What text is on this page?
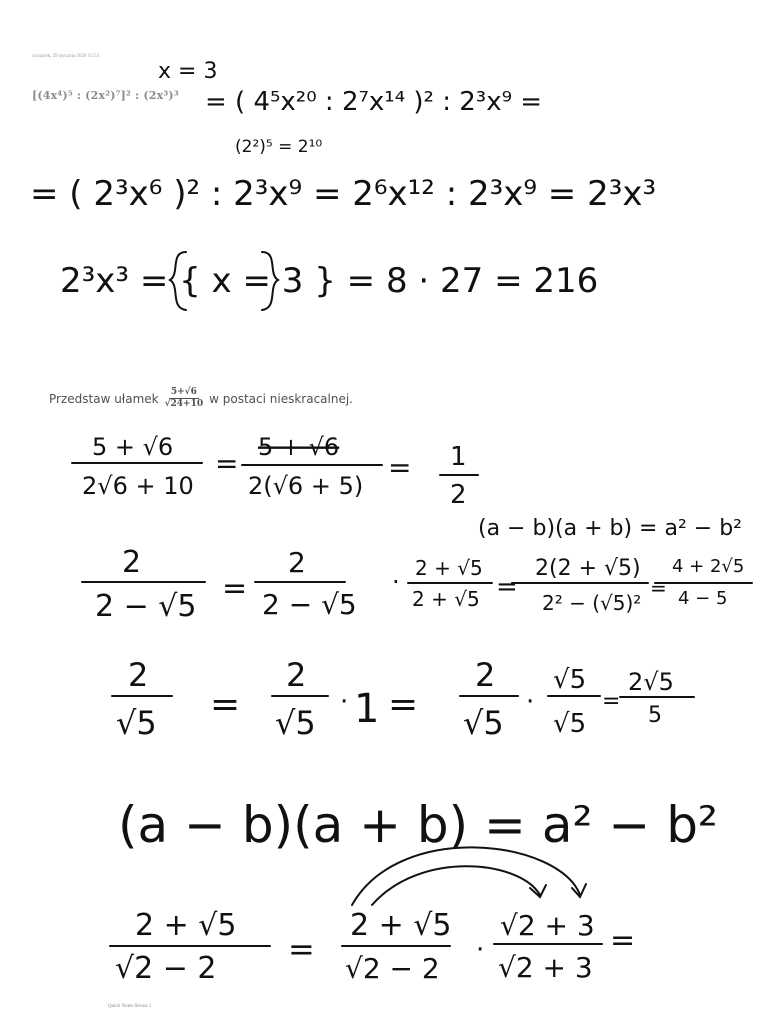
czwartek, 29 stycznia 2026 15:53
[(4x⁴)⁵ : (2x²)⁷]² : (2x³)³
Przedstaw ułamek $\frac{5+√6}{√24+10}$ w postaci nieskracalnej.
x = 3
= ( 4⁵x²⁰ : 2⁷x¹⁴ )² : 2³x⁹ =
(2²)⁵ = 2¹⁰
= ( 2³x⁶ )² : 2³x⁹ = 2⁶x¹² : 2³x⁹ = 2³x³
2³x³ = { x = 3 } = 8 · 27 = 216
5 + √6
2√6 + 10
= 5 + √6
2(√6 + 5)
= 1
2
(a − b)(a + b) = a² − b²
2
2 − √5
=
2
2 − √5
· 2 + √5
2 + √5 =
2(2 + √5)
2² − (√5)²
=
4 + 2√5
4 − 5
2
√5 =
2
√5
· 1 =
2
√5
·
√5
√5
=
2√5
5
(a − b)(a + b) = a² − b²
2 + √5
√2 − 2
=
2 + √5
√2 − 2
·
√2 + 3
√2 + 3
=
Quick Notes Strona 1
